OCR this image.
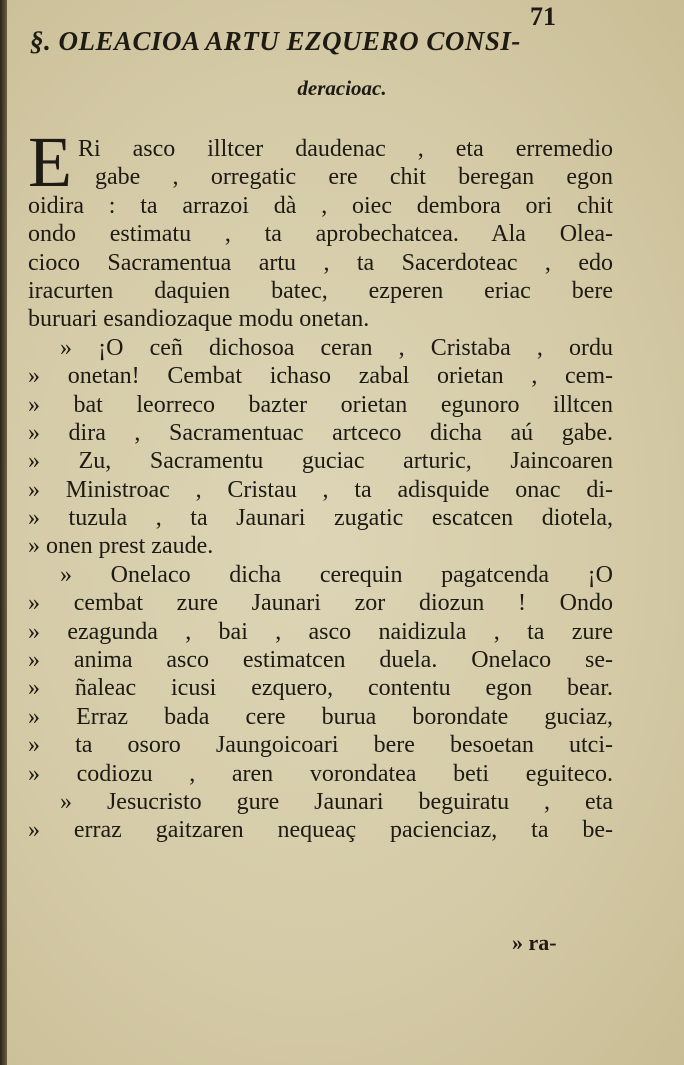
71
§. OLEACIOA ARTU EZQUERO CONSI-
deracioac.
E Ri asco illtcer daudenac , eta erremedio
gabe , orregatic ere chit beregan egon
oidira : ta arrazoi dà , oiec dembora ori chit
ondo estimatu , ta aprobechatcea. Ala Olea-
cioco Sacramentua artu , ta Sacerdoteac , edo
iracurten daquien batec, ezperen eriac bere
buruari esandiozaque modu onetan.
» ¡O ceñ dichosoa ceran , Cristaba , ordu
» onetan! Cembat ichaso zabal orietan , cem-
» bat leorreco bazter orietan egunoro illtcen
» dira , Sacramentuac artceco dicha aú gabe.
» Zu, Sacramentu guciac arturic, Jaincoaren
» Ministroac , Cristau , ta adisquide onac di-
» tuzula , ta Jaunari zugatic escatcen diotela,
» onen prest zaude.
» Onelaco dicha cerequin pagatcenda ¡O
» cembat zure Jaunari zor diozun ! Ondo
» ezagunda , bai , asco naidizula , ta zure
» anima asco estimatcen duela. Onelaco se-
» ñaleac icusi ezquero, contentu egon bear.
» Erraz bada cere burua borondate guciaz,
» ta osoro Jaungoicoari bere besoetan utci-
» codiozu , aren vorondatea beti eguiteco.
» Jesucristo gure Jaunari beguiratu , eta
» erraz gaitzaren nequeaç pacienciaz, ta be-
» ra-
